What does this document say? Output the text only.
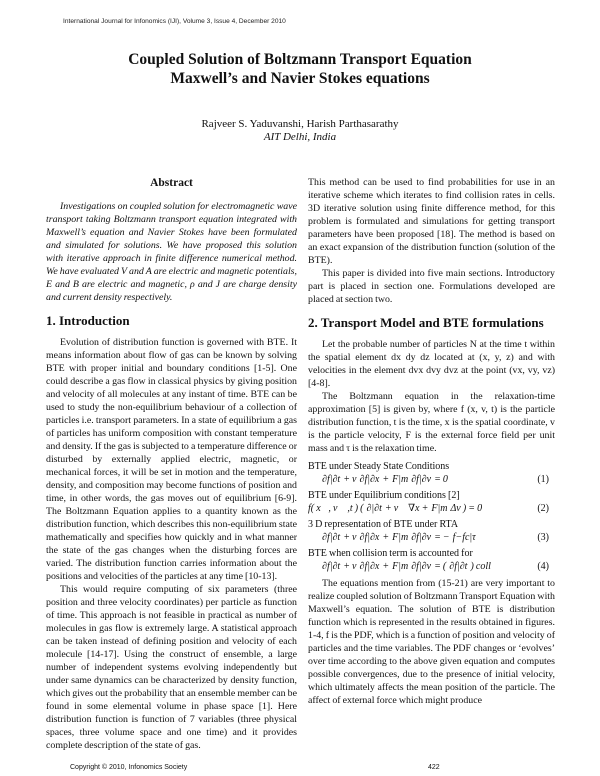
International Journal for Infonomics (IJI), Volume 3, Issue 4, December 2010
Coupled Solution of Boltzmann Transport Equation
Maxwell’s and Navier Stokes equations
Rajveer S. Yaduvanshi, Harish Parthasarathy
AIT Delhi, India
Abstract

Investigations on coupled solution for electromagnetic wave transport taking Boltzmann transport equation integrated with Maxwell’s equation and Navier Stokes have been formulated and simulated for solutions. We have proposed this solution with iterative approach in finite difference numerical method. We have evaluated V and A are electric and magnetic potentials, E and B are electric and magnetic, ρ and J are charge density and current density respectively.

1. Introduction

Evolution of distribution function is governed with BTE. It means information about flow of gas can be known by solving BTE with proper initial and boundary conditions [1-5]. One could describe a gas flow in classical physics by giving position and velocity of all molecules at any instant of time. BTE can be used to study the non-equilibrium behaviour of a collection of particles i.e. transport parameters. In a state of equilibrium a gas of particles has uniform composition with constant temperature and density. If the gas is subjected to a temperature difference or disturbed by externally applied electric, magnetic, or mechanical forces, it will be set in motion and the temperature, density, and composition may become functions of position and time, in other words, the gas moves out of equilibrium [6-9]. The Boltzmann Equation applies to a quantity known as the distribution function, which describes this non-equilibrium state mathematically and specifies how quickly and in what manner the state of the gas changes when the disturbing forces are varied. The distribution function carries information about the positions and velocities of the particles at any time [10-13].

This would require computing of six parameters (three position and three velocity coordinates) per particle as function of time. This approach is not feasible in practical as number of molecules in gas flow is extremely large. A statistical approach can be taken instead of defining position and velocity of each molecule [14-17]. Using the construct of ensemble, a large number of independent systems evolving independently but under same dynamics can be characterized by density function, which gives out the probability that an ensemble member can be found in some elemental volume in phase space [1]. Here distribution function is function of 7 variables (three physical spaces, three volume space and one time) and it provides complete description of the state of gas.

This method can be used to find probabilities for use in an iterative scheme which iterates to find collision rates in cells. 3D iterative solution using finite difference method, for this problem is formulated and simulations for getting transport parameters have been proposed [18]. The method is based on an exact expansion of the distribution function (solution of the BTE).

This paper is divided into five main sections. Introductory part is placed in section one. Formulations developed are placed at section two.

2. Transport Model and BTE formulations

Let the probable number of particles N at the time t within the spatial element dx dy dz located at (x, y, z) and with velocities in the element dvx dvy dvz at the point (vx, vy, vz) [4-8].

The Boltzmann equation in the relaxation-time approximation [5] is given by, where f (x, v, t) is the particle distribution function, t is the time, x is the spatial coordinate, v is the particle velocity, F is the external force field per unit mass and τ is the relaxation time.

BTE under Steady State Conditions
∂f|∂t + v ∂f|∂x + F|m ∂f|∂v = 0	(1)
BTE under Equilibrium conditions [2]
f( x⃗, v⃗ ,t ) ( ∂|∂t + v⃗ ∇x + F|m Δv ) = 0	(2)
3 D representation of BTE under RTA
∂f|∂t + v ∂f|∂x + F|m ∂f|∂v = − f−fc|τ	(3)
BTE when collision term is accounted for
∂f|∂t + v ∂f|∂x + F|m ∂f|∂v = ( ∂f|∂t ) coll	(4)

The equations mention from (15-21) are very important to realize coupled solution of Boltzmann Transport Equation with Maxwell’s equation. The solution of BTE is distribution function which is represented in the results obtained in figures. 1-4, f is the PDF, which is a function of position and velocity of particles and the time variables. The PDF changes or ‘evolves’ over time according to the above given equation and computes possible convergences, due to the presence of initial velocity, which ultimately affects the mean position of the particle. The affect of external force which might produce

Copyright © 2010, Infonomics Society	422
